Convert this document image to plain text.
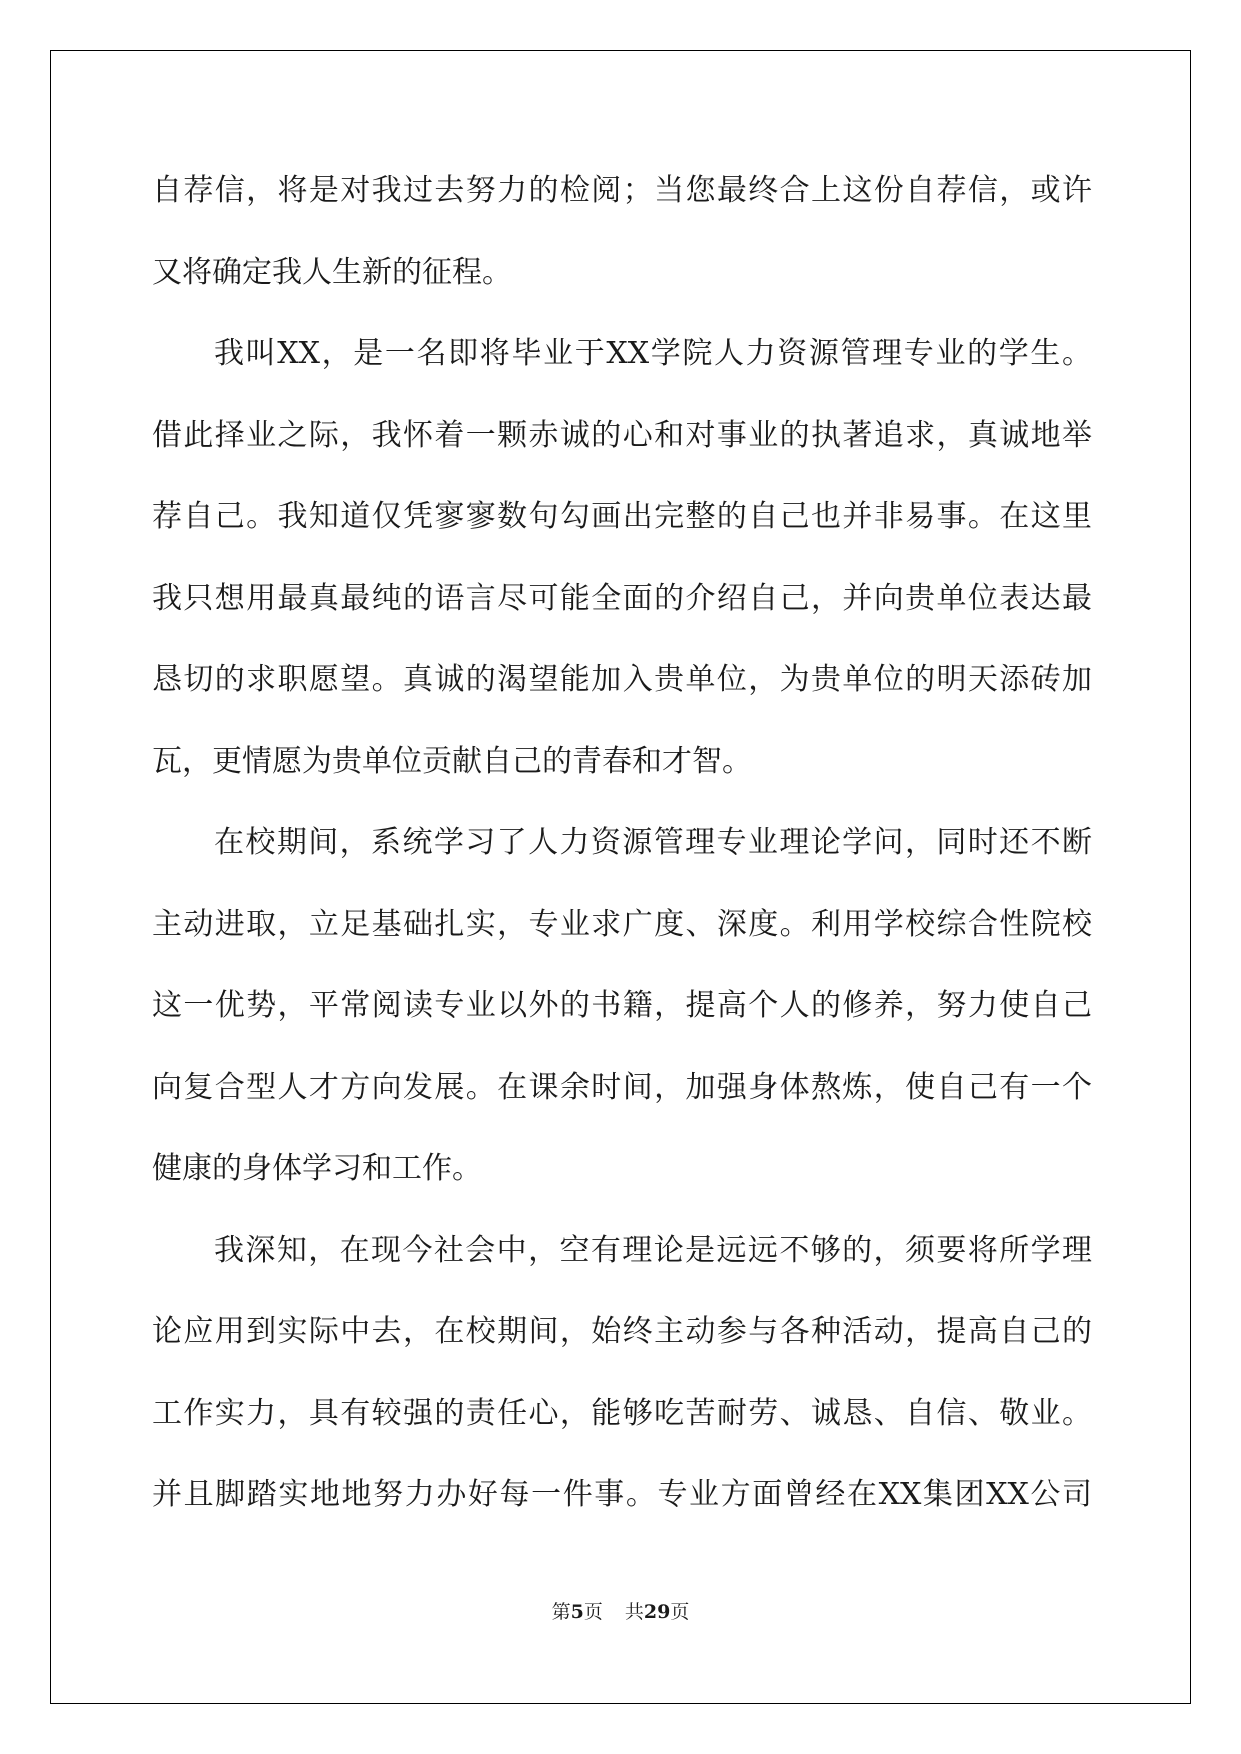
自荐信，将是对我过去努力的检阅；当您最终合上这份自荐信，或许
又将确定我人生新的征程。
我叫XX，是一名即将毕业于XX学院人力资源管理专业的学生。
借此择业之际，我怀着一颗赤诚的心和对事业的执著追求，真诚地举
荐自己。我知道仅凭寥寥数句勾画出完整的自己也并非易事。在这里
我只想用最真最纯的语言尽可能全面的介绍自己，并向贵单位表达最
恳切的求职愿望。真诚的渴望能加入贵单位，为贵单位的明天添砖加
瓦，更情愿为贵单位贡献自己的青春和才智。
在校期间，系统学习了人力资源管理专业理论学问，同时还不断
主动进取，立足基础扎实，专业求广度、深度。利用学校综合性院校
这一优势，平常阅读专业以外的书籍，提高个人的修养，努力使自己
向复合型人才方向发展。在课余时间，加强身体熬炼，使自己有一个
健康的身体学习和工作。
我深知，在现今社会中，空有理论是远远不够的，须要将所学理
论应用到实际中去，在校期间，始终主动参与各种活动，提高自己的
工作实力，具有较强的责任心，能够吃苦耐劳、诚恳、自信、敬业。
并且脚踏实地地努力办好每一件事。专业方面曾经在XX集团XX公司
第5页 共29页
